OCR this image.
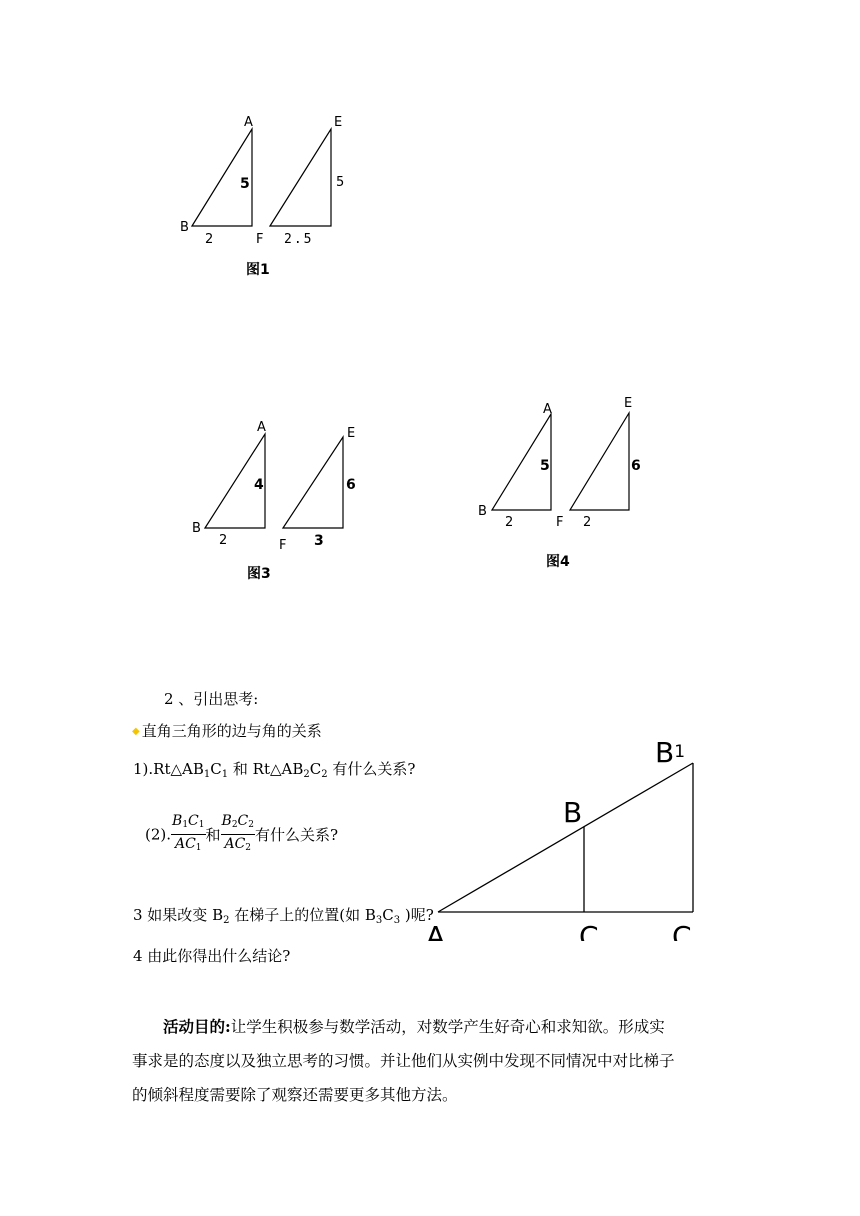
A	E
B
F
5
2
5
2.5
图1
A	E
B
F
4
2
6
3
图3
A	E
B
F
5
2
6
2
图4
B1
B
A	C	C
2 、引出思考:
◆ 直角三角形的边与角的关系
$1).Rt\triangle AB_1C_1$ 和 $Rt\triangle AB_2C_2$ 有什么关系?
(2). $\frac{B_1C_1}{AC_1}$ 和 $\frac{B_2C_2}{AC_2}$ 有什么关系?
3 如果改变 $B_2$ 在梯子上的位置(如 $B_3C_3$ )呢?
4 由此你得出什么结论?
活动目的:让学生积极参与数学活动，对数学产生好奇心和求知欲。形成实
事求是的态度以及独立思考的习惯。并让他们从实例中发现不同情况中对比梯子
的倾斜程度需要除了观察还需要更多其他方法。
